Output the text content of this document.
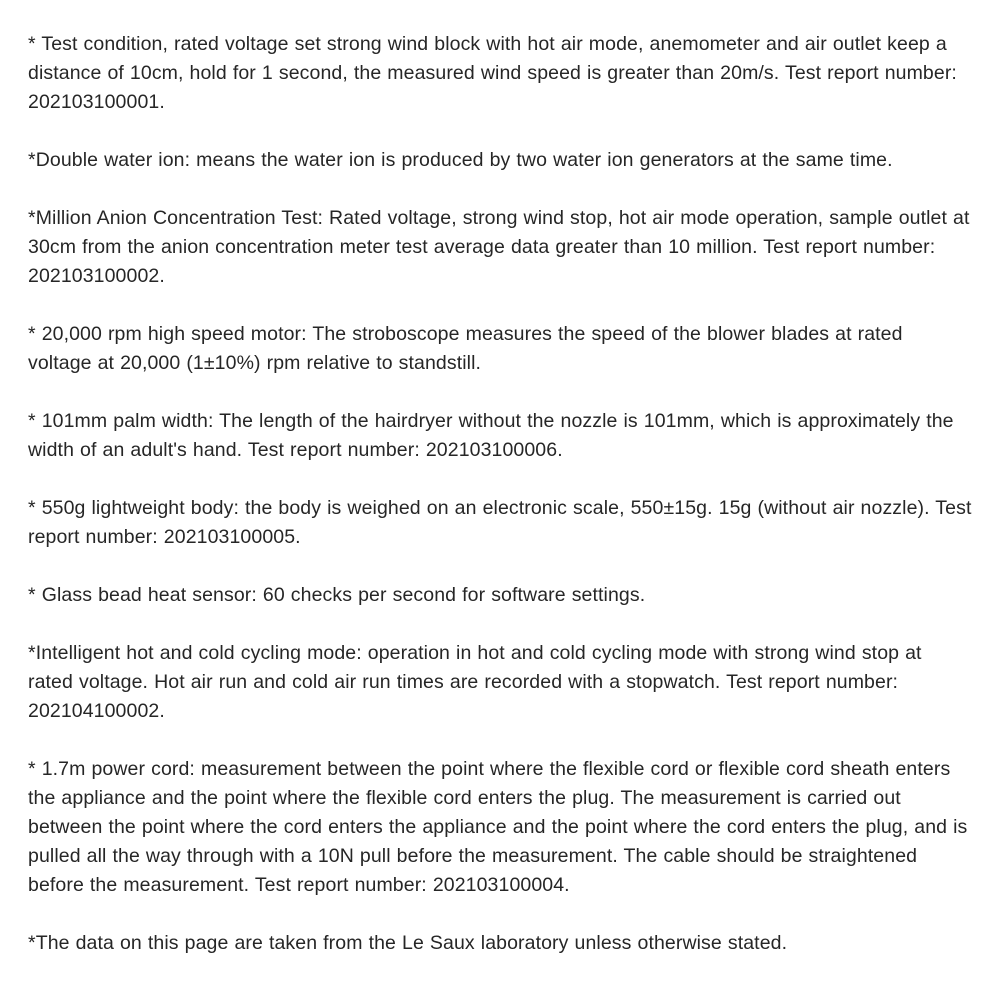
* Test condition, rated voltage set strong wind block with hot air mode, anemometer and air outlet keep a distance of 10cm, hold for 1 second, the measured wind speed is greater than 20m/s. Test report number: 202103100001.

*Double water ion: means the water ion is produced by two water ion generators at the same time.

*Million Anion Concentration Test: Rated voltage, strong wind stop, hot air mode operation, sample outlet at 30cm from the anion concentration meter test average data greater than 10 million. Test report number: 202103100002.

* 20,000 rpm high speed motor: The stroboscope measures the speed of the blower blades at rated voltage at 20,000 (1±10%) rpm relative to standstill.

* 101mm palm width: The length of the hairdryer without the nozzle is 101mm, which is approximately the width of an adult's hand. Test report number: 202103100006.

* 550g lightweight body: the body is weighed on an electronic scale, 550±15g. 15g (without air nozzle). Test report number: 202103100005.

* Glass bead heat sensor: 60 checks per second for software settings.

*Intelligent hot and cold cycling mode: operation in hot and cold cycling mode with strong wind stop at rated voltage. Hot air run and cold air run times are recorded with a stopwatch. Test report number: 202104100002.

* 1.7m power cord: measurement between the point where the flexible cord or flexible cord sheath enters the appliance and the point where the flexible cord enters the plug. The measurement is carried out between the point where the cord enters the appliance and the point where the cord enters the plug, and is pulled all the way through with a 10N pull before the measurement. The cable should be straightened before the measurement. Test report number: 202103100004.

*The data on this page are taken from the Le Saux laboratory unless otherwise stated.
